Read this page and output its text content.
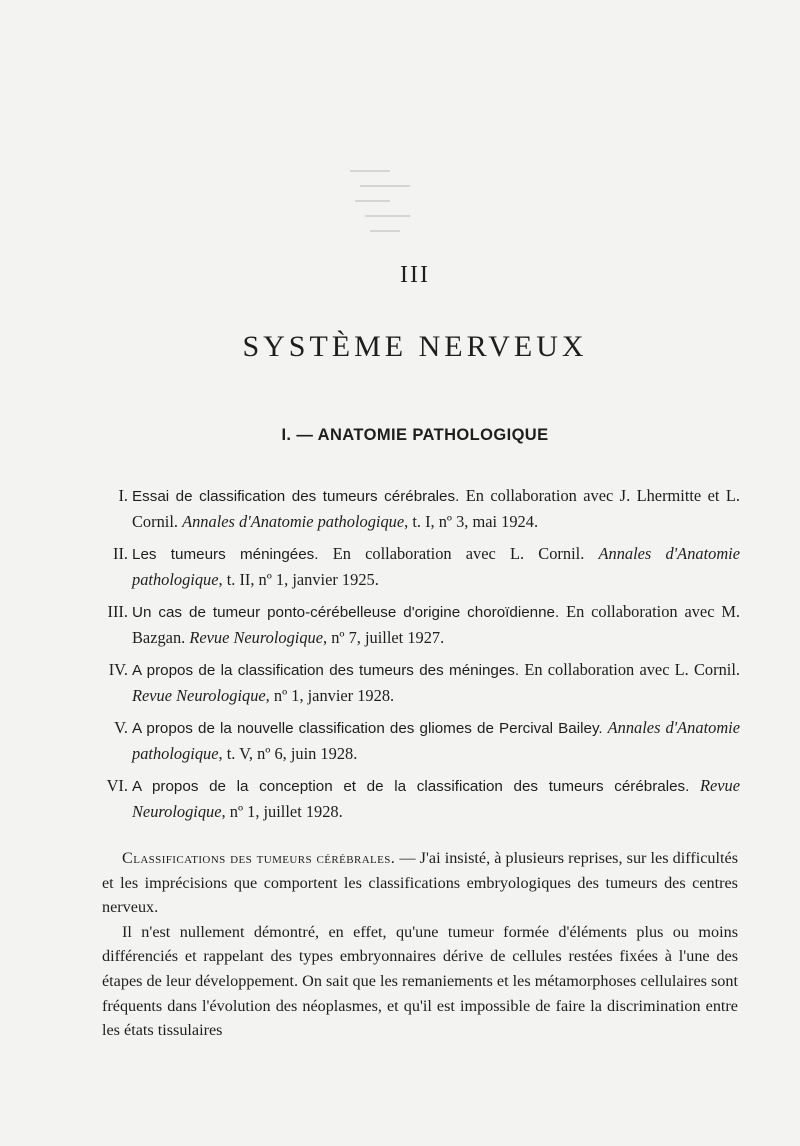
III
SYSTÈME NERVEUX
I. — ANATOMIE PATHOLOGIQUE
I. Essai de classification des tumeurs cérébrales. En collaboration avec J. Lhermitte et L. Cornil. Annales d'Anatomie pathologique, t. I, nº 3, mai 1924.
II. Les tumeurs méningées. En collaboration avec L. Cornil. Annales d'Anatomie pathologique, t. II, nº 1, janvier 1925.
III. Un cas de tumeur ponto-cérébelleuse d'origine choroïdienne. En collaboration avec M. Bazgan. Revue Neurologique, nº 7, juillet 1927.
IV. A propos de la classification des tumeurs des méninges. En collaboration avec L. Cornil. Revue Neurologique, nº 1, janvier 1928.
V. A propos de la nouvelle classification des gliomes de Percival Bailey. Annales d'Anatomie pathologique, t. V, nº 6, juin 1928.
VI. A propos de la conception et de la classification des tumeurs cérébrales. Revue Neurologique, nº 1, juillet 1928.

Classifications des tumeurs cérébrales. — J'ai insisté, à plusieurs reprises, sur les difficultés et les imprécisions que comportent les classifications embryologiques des tumeurs des centres nerveux.

Il n'est nullement démontré, en effet, qu'une tumeur formée d'éléments plus ou moins différenciés et rappelant des types embryonnaires dérive de cellules restées fixées à l'une des étapes de leur développement. On sait que les remaniements et les métamorphoses cellulaires sont fréquents dans l'évolution des néoplasmes, et qu'il est impossible de faire la discrimination entre les états tissulaires
